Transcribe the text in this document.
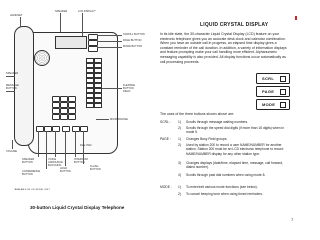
HANDSET
SPEAKER	LCD DISPLAY*
SCROLL BUTTON
PAGE BUTTON
MODE BUTTON
SPEAKER
MESSAGE
BUTTON
FLEXIBLE
BUTTON
FIELD
MICROPHONE
VOLUME
SPEAKER
BUTTON
CONFERENCE
BUTTON
VOICE
ANNOUNCE
BLOCKING
HOLD
BUTTON
INTERCOM
BUTTON
FLASH
BUTTON
DIAL PAD
*AVAILABLE ON LCD MODEL ONLY
30-button Liquid Crystal Display Telephone
LIQUID CRYSTAL DISPLAY
In its idle state, the 30-character Liquid Crystal Display (LCD) feature on your electronic telephone gives you an accurate desk clock and calendar combination. When you have an outside call in progress, an elapsed time display gives a constant reminder of the call duration. In addition, a variety of information displays and feature prompting make your call handling more efficient. Alphanumeric messaging capability is also provided. All display functions occur automatically as call processing proceeds.
SCRL
PAGE
MODE
The uses of the three buttons shown above are:
SCRL : 1) Scrolls through message waiting numbers.
2) Scrolls through the speed dial digits (if more than 16 digits) when in mode 5.
PAGE : 1) Changes Busy Field groups.
2) Used by station 200 to record a user NAME/NUMBER for another station. Station 200 must be an LCD electronic telephone to record NAME/NUMBER display for any other station type.
3) Changes displays (date/time, elapsed time, message, call forward, dialed number).
4) Scrolls through past dial numbers when using mode 8.
MODE : 1) To enter/exit various mode functions (see below).
2) To cancel beeping tone when using timed reminders.
7
